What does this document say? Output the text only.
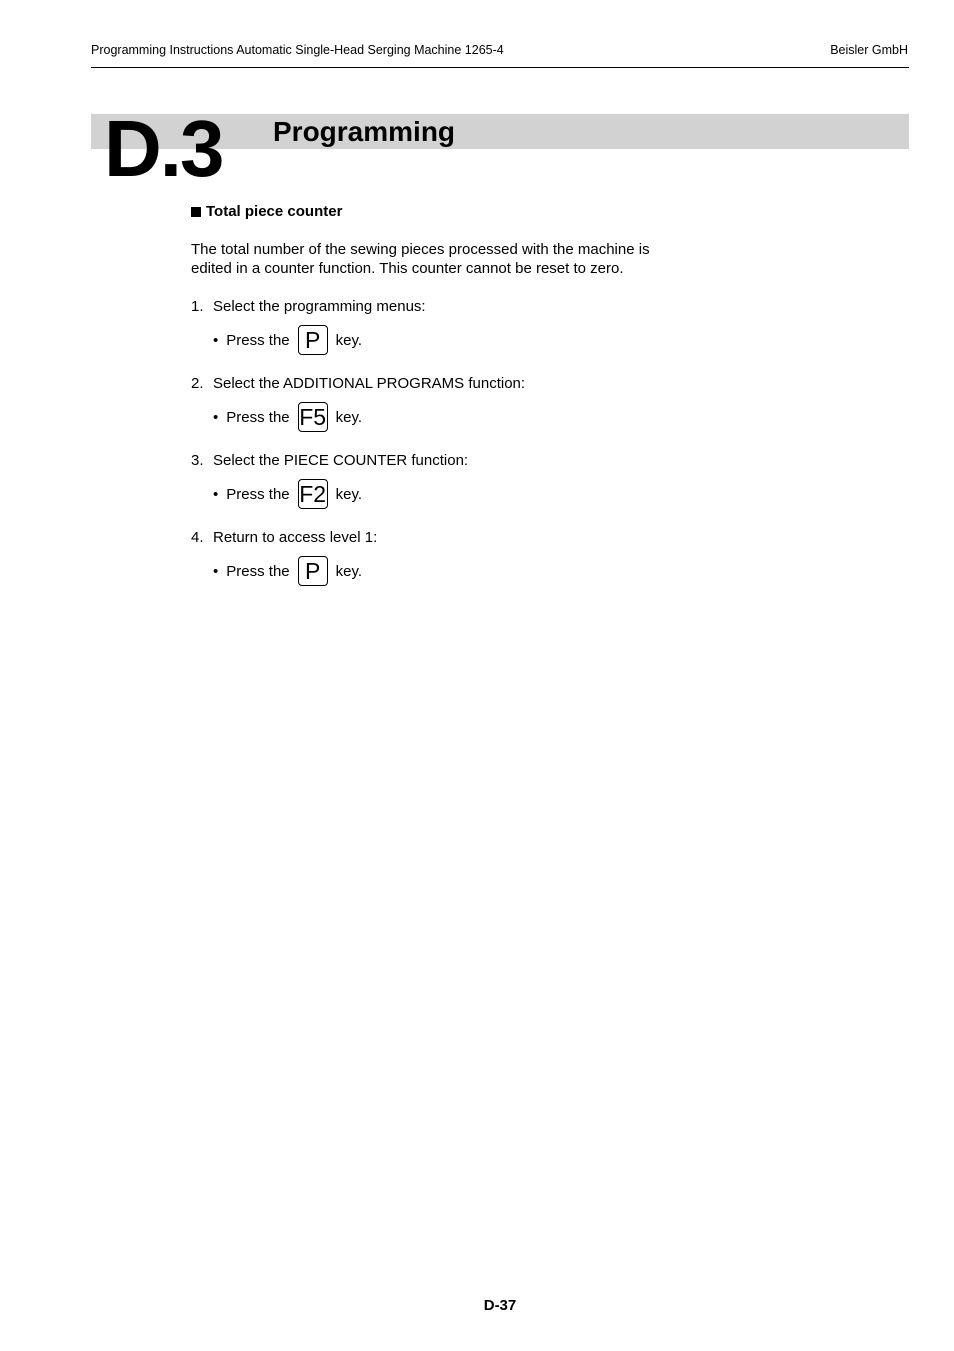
Programming Instructions Automatic Single-Head Serging Machine 1265-4	Beisler GmbH
D.3 Programming
Total piece counter

The total number of the sewing pieces processed with the machine is

edited in a counter function. This counter cannot be reset to zero.

1. Select the programming menus:
• Press the P	key.
2. Select the ADDITIONAL PROGRAMS function:
• Press the F5 key.
3. Select the PIECE COUNTER function:
• Press the F2 key.
4. Return to access level 1:
• Press the P	key.
D-37
